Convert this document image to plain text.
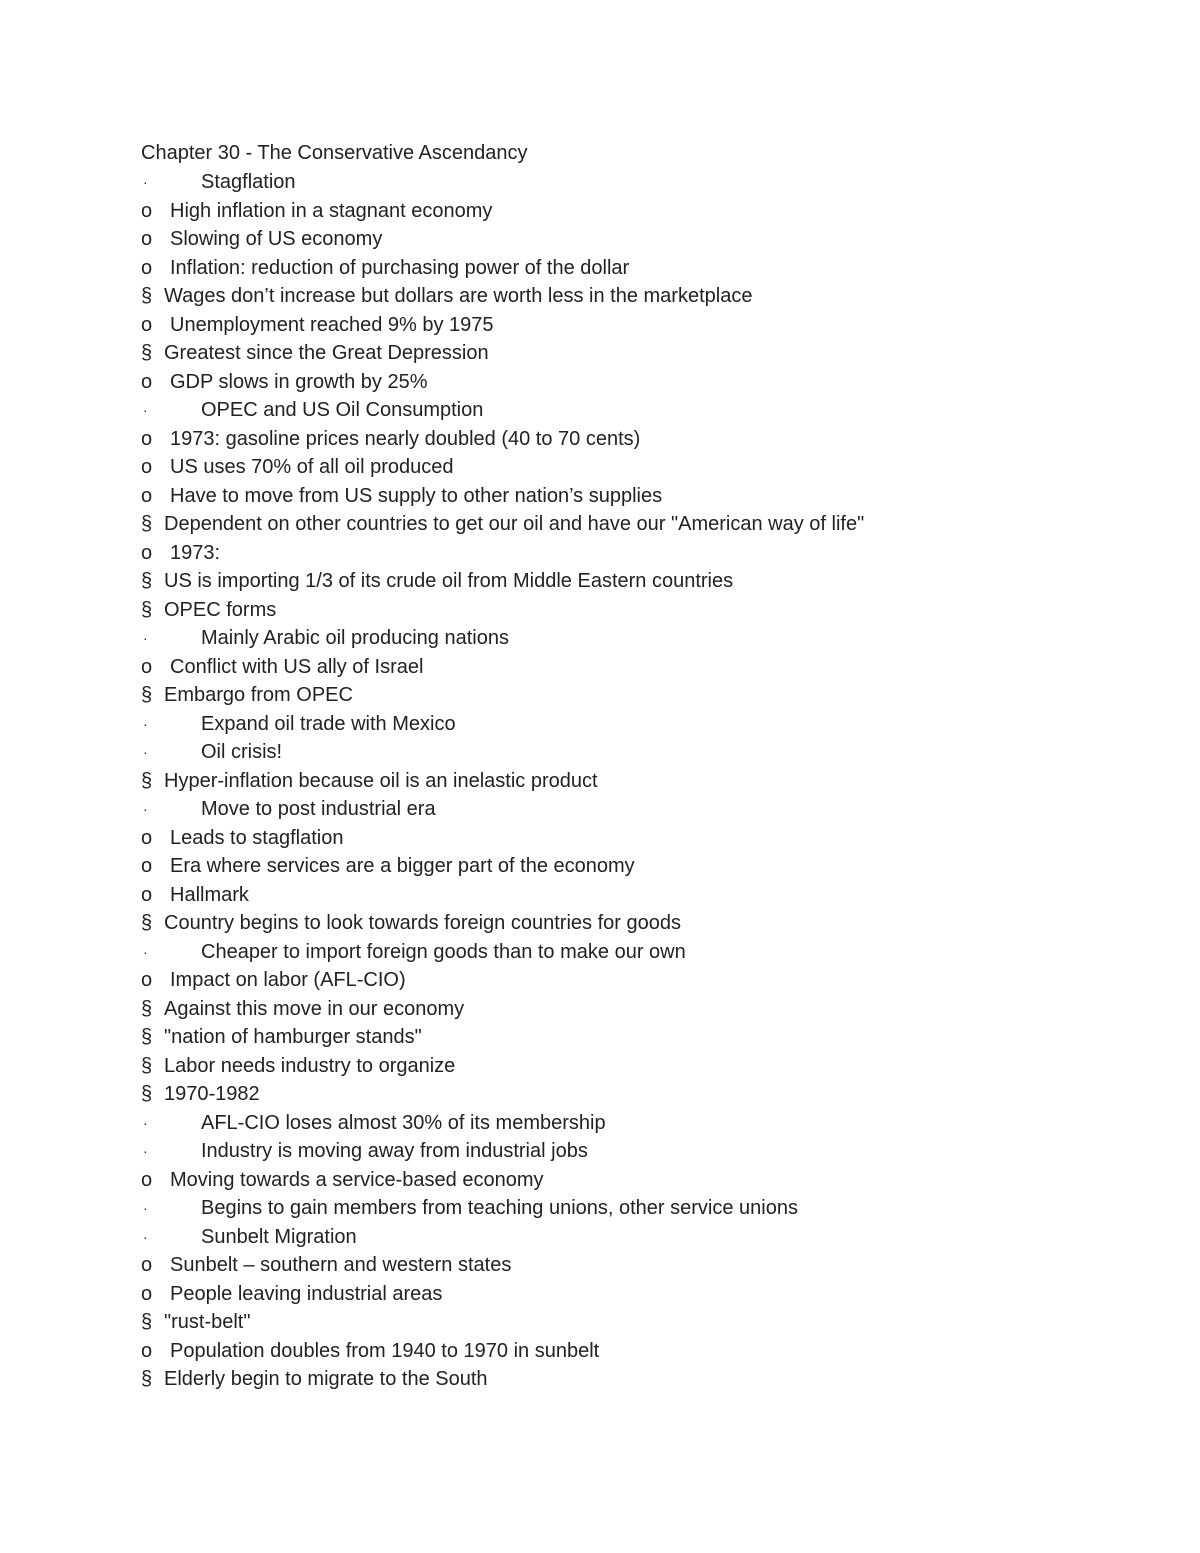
Chapter 30 - The Conservative Ascendancy
·	Stagflation
o High inflation in a stagnant economy
o Slowing of US economy
o Inflation: reduction of purchasing power of the dollar
§ Wages don’t increase but dollars are worth less in the marketplace
o Unemployment reached 9% by 1975
§ Greatest since the Great Depression
o GDP slows in growth by 25%
·	OPEC and US Oil Consumption
o 1973: gasoline prices nearly doubled (40 to 70 cents)
o US uses 70% of all oil produced
o Have to move from US supply to other nation’s supplies
§ Dependent on other countries to get our oil and have our "American way of life"
o 1973:
§ US is importing 1/3 of its crude oil from Middle Eastern countries
§ OPEC forms
·	Mainly Arabic oil producing nations
o Conflict with US ally of Israel
§ Embargo from OPEC
·	Expand oil trade with Mexico
·	Oil crisis!
§ Hyper-inflation because oil is an inelastic product
·	Move to post industrial era
o Leads to stagflation
o Era where services are a bigger part of the economy
o Hallmark
§ Country begins to look towards foreign countries for goods
·	Cheaper to import foreign goods than to make our own
o Impact on labor (AFL-CIO)
§ Against this move in our economy
§ "nation of hamburger stands"
§ Labor needs industry to organize
§ 1970-1982
·	AFL-CIO loses almost 30% of its membership
·	Industry is moving away from industrial jobs
o Moving towards a service-based economy
·	Begins to gain members from teaching unions, other service unions
·	Sunbelt Migration
o Sunbelt – southern and western states
o People leaving industrial areas
§ "rust-belt"
o Population doubles from 1940 to 1970 in sunbelt
§ Elderly begin to migrate to the South
